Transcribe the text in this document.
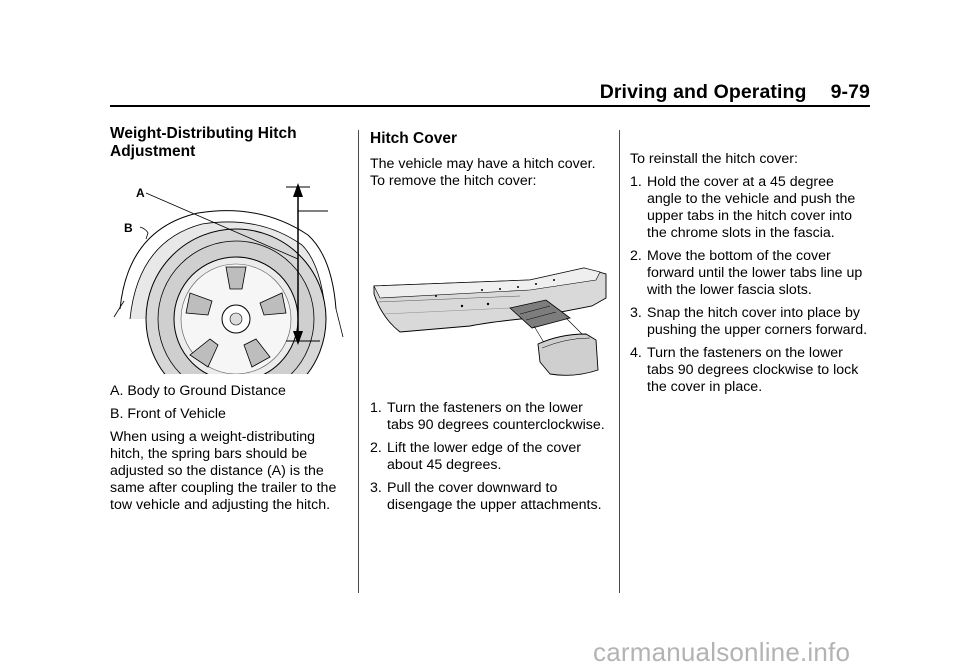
Driving and Operating 9-79
Weight-Distributing Hitch Adjustment
A
B

A. Body to Ground Distance

B. Front of Vehicle

When using a weight-distributing hitch, the spring bars should be adjusted so the distance (A) is the same after coupling the trailer to the tow vehicle and adjusting the hitch.

Hitch Cover

The vehicle may have a hitch cover. To remove the hitch cover:

1. Turn the fasteners on the lower tabs 90 degrees counterclockwise.
2. Lift the lower edge of the cover about 45 degrees.
3. Pull the cover downward to disengage the upper attachments.

To reinstall the hitch cover:

1. Hold the cover at a 45 degree angle to the vehicle and push the upper tabs in the hitch cover into the chrome slots in the fascia.
2. Move the bottom of the cover forward until the lower tabs line up with the lower fascia slots.
3. Snap the hitch cover into place by pushing the upper corners forward.
4. Turn the fasteners on the lower tabs 90 degrees clockwise to lock the cover in place.
carmanualsonline.info
